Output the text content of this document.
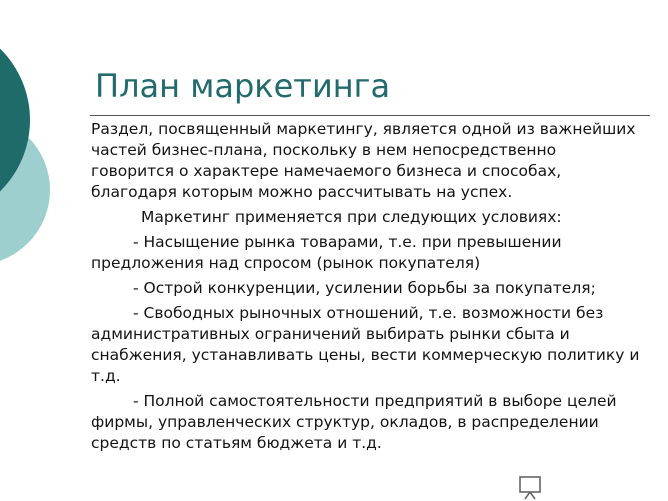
План маркетинга

Раздел, посвященный маркетингу, является одной из важнейших частей бизнес-плана, поскольку в нем непосредственно говорится о характере намечаемого бизнеса и способах, благодаря которым можно рассчитывать на успех.

Маркетинг применяется при следующих условиях:

- Насыщение рынка товарами, т.е. при превышении предложения над спросом (рынок покупателя)

- Острой конкуренции, усилении борьбы за покупателя;

- Свободных рыночных отношений, т.е. возможности без административных ограничений выбирать рынки сбыта и снабжения, устанавливать цены, вести коммерческую политику и т.д.

- Полной самостоятельности предприятий в выборе целей фирмы, управленческих структур, окладов, в распределении средств по статьям бюджета и т.д.
